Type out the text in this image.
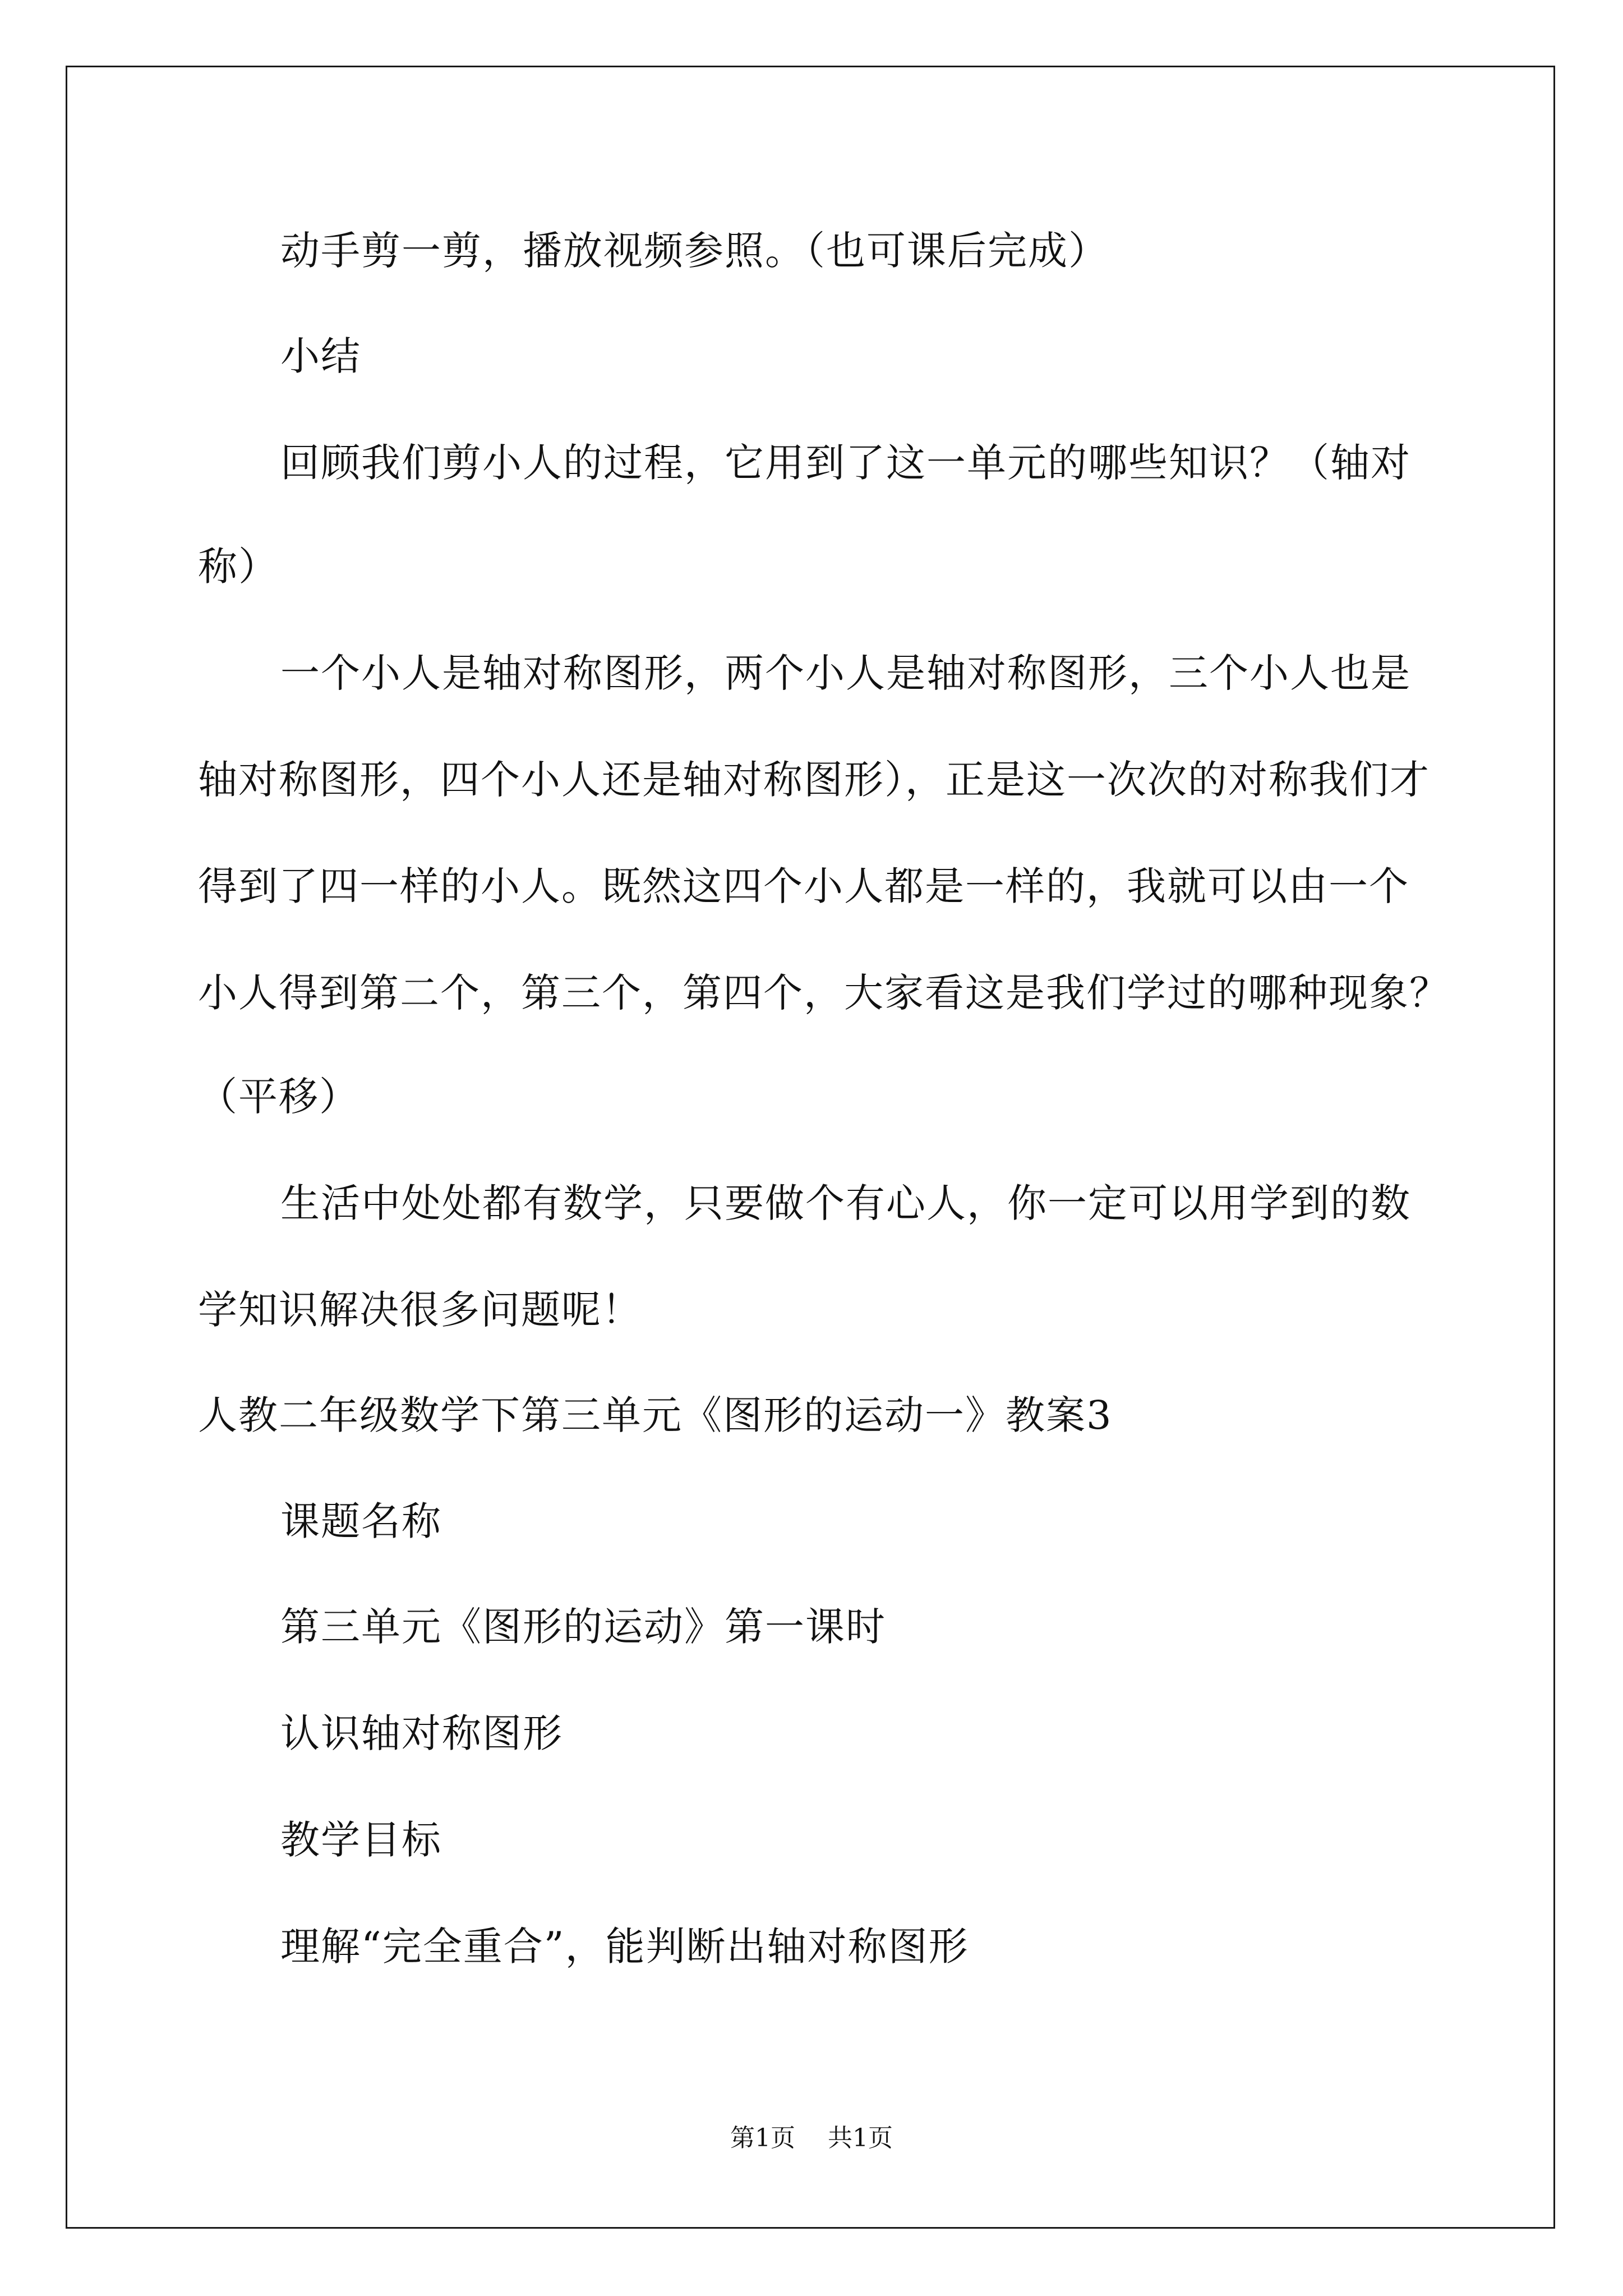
动手剪一剪，播放视频参照。（也可课后完成）
小结
回顾我们剪小人的过程，它用到了这一单元的哪些知识？（轴对
称）
一个小人是轴对称图形，两个小人是轴对称图形，三个小人也是
轴对称图形，四个小人还是轴对称图形），正是这一次次的对称我们才
得到了四一样的小人。既然这四个小人都是一样的，我就可以由一个
小人得到第二个，第三个，第四个，大家看这是我们学过的哪种现象？
（平移）
生活中处处都有数学，只要做个有心人，你一定可以用学到的数
学知识解决很多问题呢！
人教二年级数学下第三单元《图形的运动一》教案3
课题名称
第三单元《图形的运动》第一课时
认识轴对称图形
教学目标
理解“完全重合”，能判断出轴对称图形
第1页 共1页
